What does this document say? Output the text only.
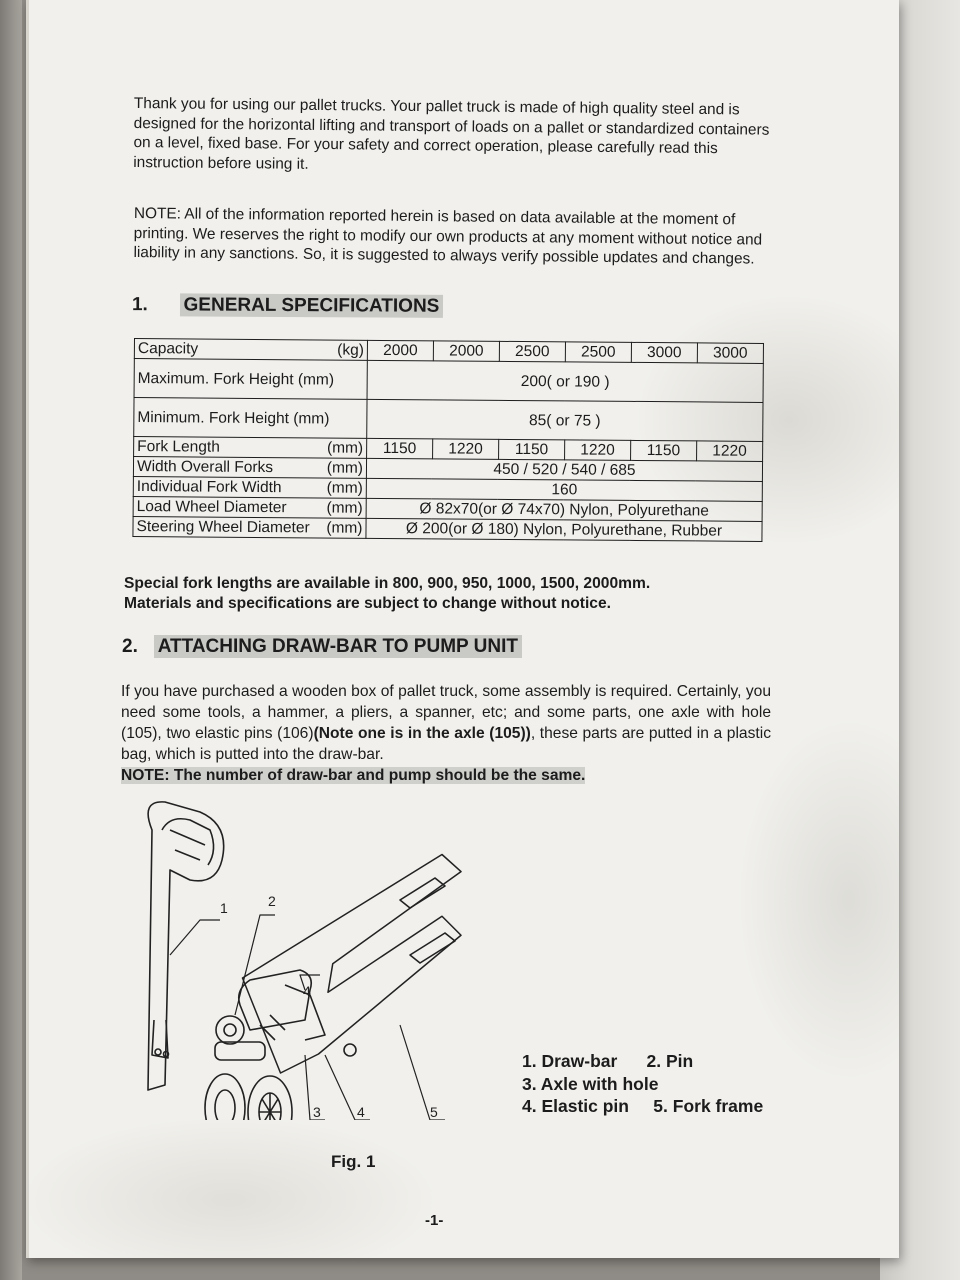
Thank you for using our pallet trucks. Your pallet truck is made of high quality steel and is designed for the horizontal lifting and transport of loads on a pallet or standardized containers on a level, fixed base. For your safety and correct operation, please carefully read this instruction before using it.
NOTE: All of the information reported herein is based on data available at the moment of printing. We reserves the right to modify our own products at any moment without notice and liability in any sanctions. So, it is suggested to always verify possible updates and changes.
1. GENERAL SPECIFICATIONS
Capacity (kg)	2000	2000	2500	2500	3000	3000
Maximum. Fork Height (mm)	200( or 190 )					
Minimum. Fork Height (mm)	85( or 75 )					
Fork Length (mm)	1150	1220	1150	1220	1150	1220
Width Overall Forks (mm)	450 / 520 / 540 / 685					
Individual Fork Width (mm)	160					
Load Wheel Diameter (mm)	Ø 82x70(or Ø 74x70) Nylon, Polyurethane					
Steering Wheel Diameter (mm)	Ø 200(or Ø 180) Nylon, Polyurethane, Rubber					
Special fork lengths are available in 800, 900, 950, 1000, 1500, 2000mm.
Materials and specifications are subject to change without notice.
2. ATTACHING DRAW-BAR TO PUMP UNIT
If you have purchased a wooden box of pallet truck, some assembly is required. Certainly, you need some tools, a hammer, a pliers, a spanner, etc; and some parts, one axle with hole (105), two elastic pins (106)(Note one is in the axle (105)), these parts are putted in a plastic bag, which is putted into the draw-bar.
NOTE: The number of draw-bar and pump should be the same.
1	2
3
4
4	5
1. Draw-bar 2. Pin
3. Axle with hole
4. Elastic pin 5. Fork frame
Fig. 1
-1-
